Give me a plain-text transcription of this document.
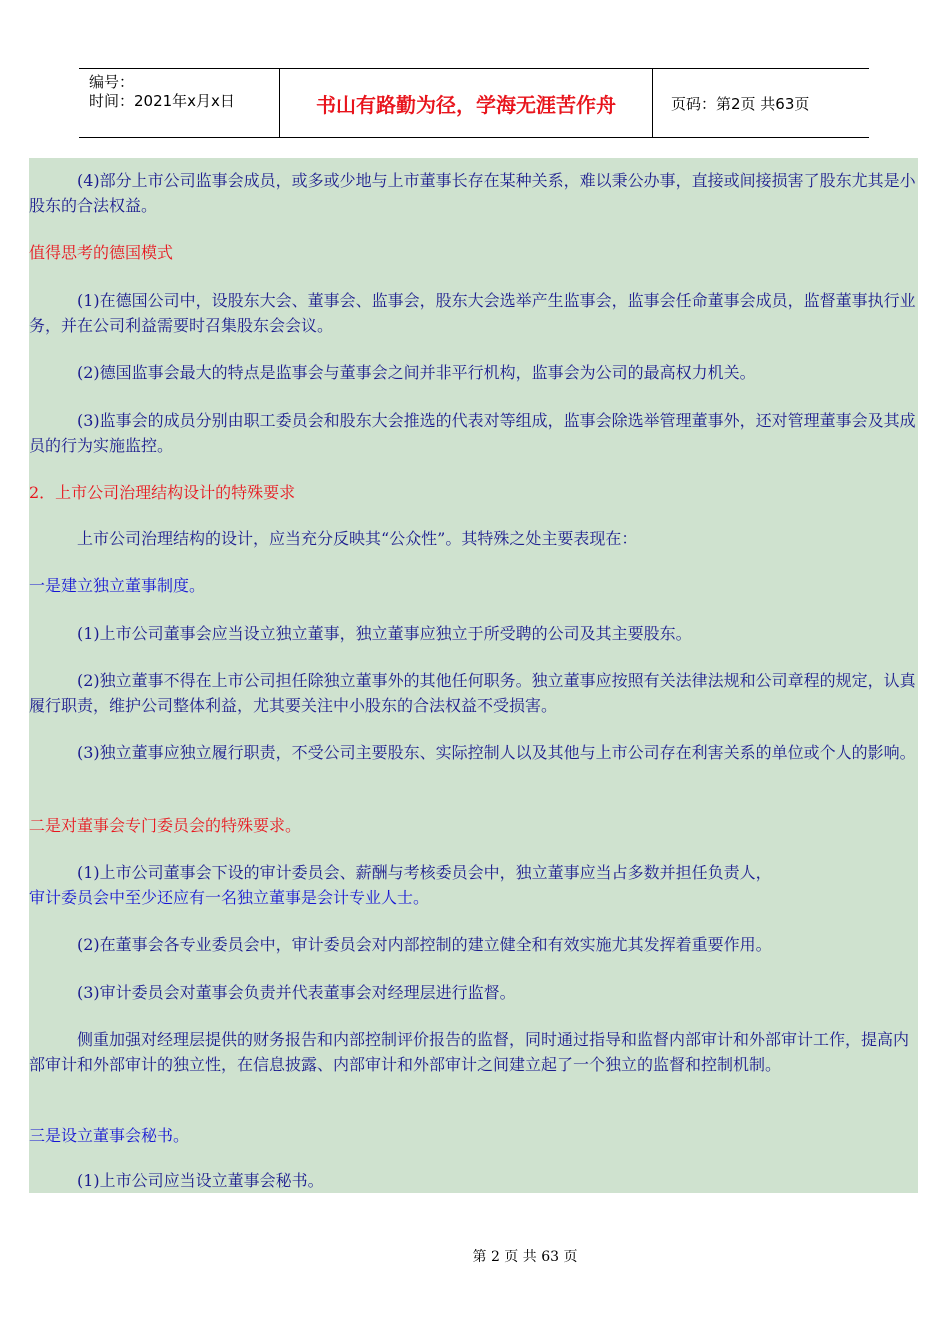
编号：
时间：2021年x月x日	书山有路勤为径，学海无涯苦作舟	页码：第2页 共63页

(4)部分上市公司监事会成员，或多或少地与上市董事长存在某种关系，难以秉公办事，直接或间接损害了股东尤其是小股东的合法权益。

值得思考的德国模式

(1)在德国公司中，设股东大会、董事会、监事会，股东大会选举产生监事会，监事会任命董事会成员，监督董事执行业务，并在公司利益需要时召集股东会会议。

(2)德国监事会最大的特点是监事会与董事会之间并非平行机构，监事会为公司的最高权力机关。

(3)监事会的成员分别由职工委员会和股东大会推选的代表对等组成，监事会除选举管理董事外，还对管理董事会及其成员的行为实施监控。

2．上市公司治理结构设计的特殊要求

上市公司治理结构的设计，应当充分反映其“公众性”。其特殊之处主要表现在：

一是建立独立董事制度。

(1)上市公司董事会应当设立独立董事，独立董事应独立于所受聘的公司及其主要股东。

(2)独立董事不得在上市公司担任除独立董事外的其他任何职务。独立董事应按照有关法律法规和公司章程的规定，认真履行职责，维护公司整体利益，尤其要关注中小股东的合法权益不受损害。

(3)独立董事应独立履行职责，不受公司主要股东、实际控制人以及其他与上市公司存在利害关系的单位或个人的影响。

二是对董事会专门委员会的特殊要求。

(1)上市公司董事会下设的审计委员会、薪酬与考核委员会中，独立董事应当占多数并担任负责人，

审计委员会中至少还应有一名独立董事是会计专业人士。

(2)在董事会各专业委员会中，审计委员会对内部控制的建立健全和有效实施尤其发挥着重要作用。

(3)审计委员会对董事会负责并代表董事会对经理层进行监督。

侧重加强对经理层提供的财务报告和内部控制评价报告的监督，同时通过指导和监督内部审计和外部审计工作，提高内部审计和外部审计的独立性，在信息披露、内部审计和外部审计之间建立起了一个独立的监督和控制机制。

三是设立董事会秘书。

(1)上市公司应当设立董事会秘书。

第 2 页 共 63 页
